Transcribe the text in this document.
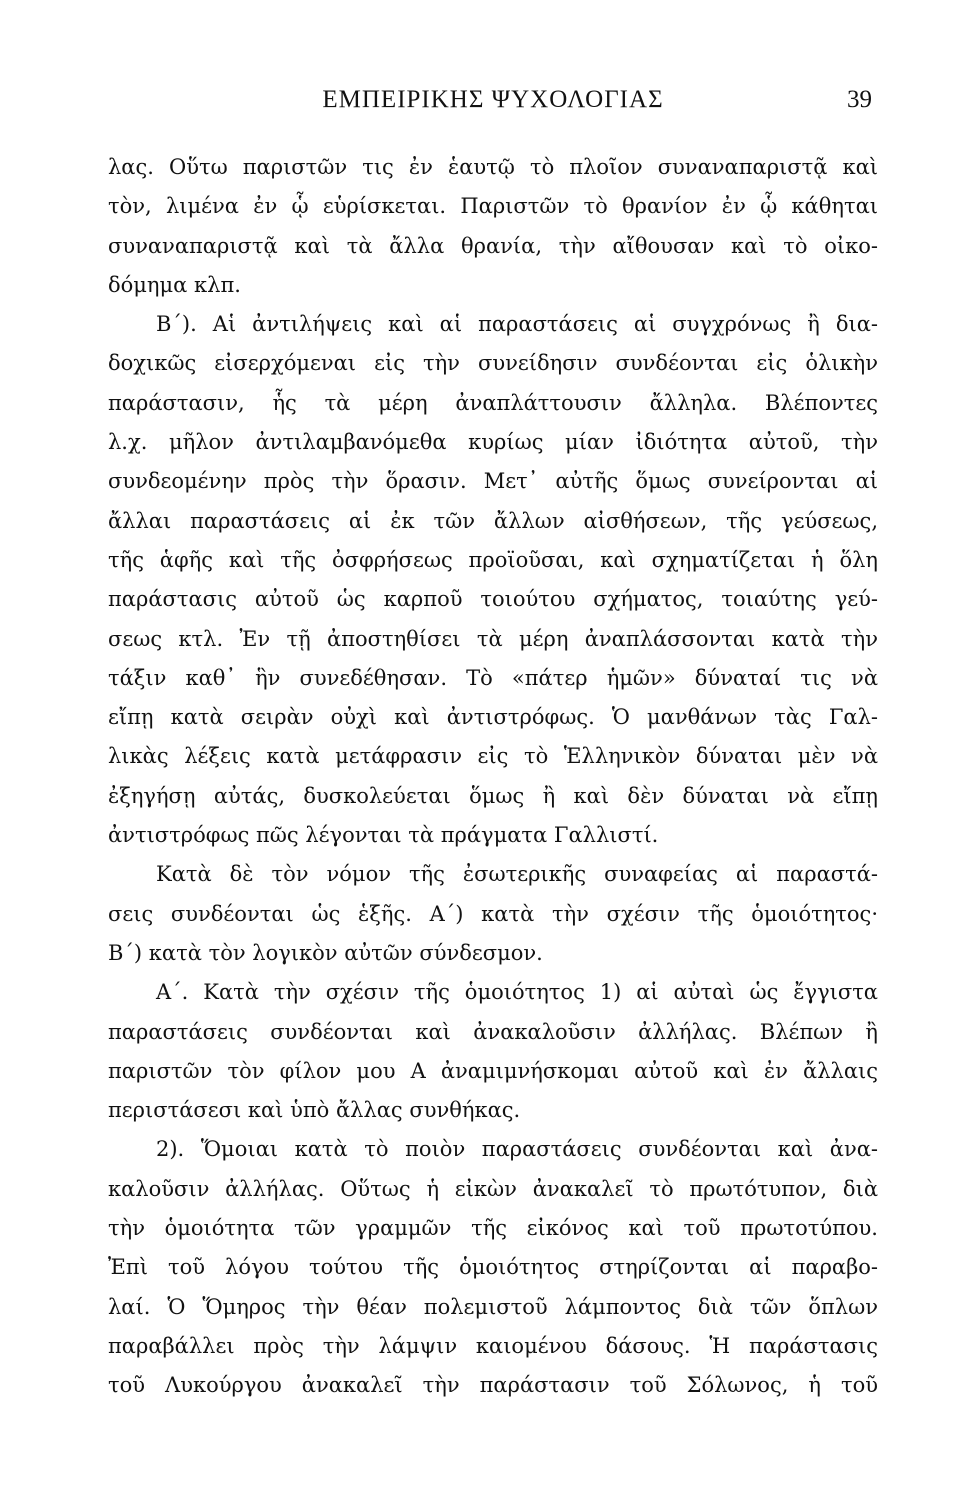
ΕΜΠΕΙΡΙΚΗΣ ΨΥΧΟΛΟΓΙΑΣ	39
λας. Οὕτω παριστῶν τις ἐν ἑαυτῷ τὸ πλοῖον συναναπαριστᾷ καὶ
τὸν, λιμένα ἐν ᾧ εὑρίσκεται. Παριστῶν τὸ θρανίον ἐν ᾧ κάθηται
συναναπαριστᾷ καὶ τὰ ἄλλα θρανία, τὴν αἴθουσαν καὶ τὸ οἰκο-
δόμημα κλπ.
Β΄). Αἱ ἀντιλήψεις καὶ αἱ παραστάσεις αἱ συγχρόνως ἢ δια-
δοχικῶς εἰσερχόμεναι εἰς τὴν συνείδησιν συνδέονται εἰς ὁλικὴν
παράστασιν, ἧς τὰ μέρη ἀναπλάττουσιν ἄλληλα. Βλέποντες
λ.χ. μῆλον ἀντιλαμβανόμεθα κυρίως μίαν ἰδιότητα αὐτοῦ, τὴν
συνδεομένην πρὸς τὴν ὅρασιν. Μετ᾽ αὐτῆς ὅμως συνείρονται αἱ
ἄλλαι παραστάσεις αἱ ἐκ τῶν ἄλλων αἰσθήσεων, τῆς γεύσεως,
τῆς ἁφῆς καὶ τῆς ὀσφρήσεως προϊοῦσαι, καὶ σχηματίζεται ἡ ὅλη
παράστασις αὐτοῦ ὡς καρποῦ τοιούτου σχήματος, τοιαύτης γεύ-
σεως κτλ. Ἐν τῇ ἀποστηθίσει τὰ μέρη ἀναπλάσσονται κατὰ τὴν
τάξιν καθ᾽ ἣν συνεδέθησαν. Τὸ «πάτερ ἡμῶν» δύναταί τις νὰ
εἴπῃ κατὰ σειρὰν οὐχὶ καὶ ἀντιστρόφως. Ὁ μανθάνων τὰς Γαλ-
λικὰς λέξεις κατὰ μετάφρασιν εἰς τὸ Ἑλληνικὸν δύναται μὲν νὰ
ἐξηγήσῃ αὐτάς, δυσκολεύεται ὅμως ἢ καὶ δὲν δύναται νὰ εἴπῃ
ἀντιστρόφως πῶς λέγονται τὰ πράγματα Γαλλιστί.
Κατὰ δὲ τὸν νόμον τῆς ἐσωτερικῆς συναφείας αἱ παραστά-
σεις συνδέονται ὡς ἑξῆς. Α΄) κατὰ τὴν σχέσιν τῆς ὁμοιότητος·
Β΄) κατὰ τὸν λογικὸν αὐτῶν σύνδεσμον.
Α΄. Κατὰ τὴν σχέσιν τῆς ὁμοιότητος 1) αἱ αὐταὶ ὡς ἔγγιστα
παραστάσεις συνδέονται καὶ ἀνακαλοῦσιν ἀλλήλας. Βλέπων ἢ
παριστῶν τὸν φίλον μου Α ἀναμιμνήσκομαι αὐτοῦ καὶ ἐν ἄλλαις
περιστάσεσι καὶ ὑπὸ ἄλλας συνθήκας.
2). Ὅμοιαι κατὰ τὸ ποιὸν παραστάσεις συνδέονται καὶ ἀνα-
καλοῦσιν ἀλλήλας. Οὕτως ἡ εἰκὼν ἀνακαλεῖ τὸ πρωτότυπον, διὰ
τὴν ὁμοιότητα τῶν γραμμῶν τῆς εἰκόνος καὶ τοῦ πρωτοτύπου.
Ἐπὶ τοῦ λόγου τούτου τῆς ὁμοιότητος στηρίζονται αἱ παραβο-
λαί. Ὁ Ὅμηρος τὴν θέαν πολεμιστοῦ λάμποντος διὰ τῶν ὅπλων
παραβάλλει πρὸς τὴν λάμψιν καιομένου δάσους. Ἡ παράστασις
τοῦ Λυκούργου ἀνακαλεῖ τὴν παράστασιν τοῦ Σόλωνος, ἡ τοῦ
